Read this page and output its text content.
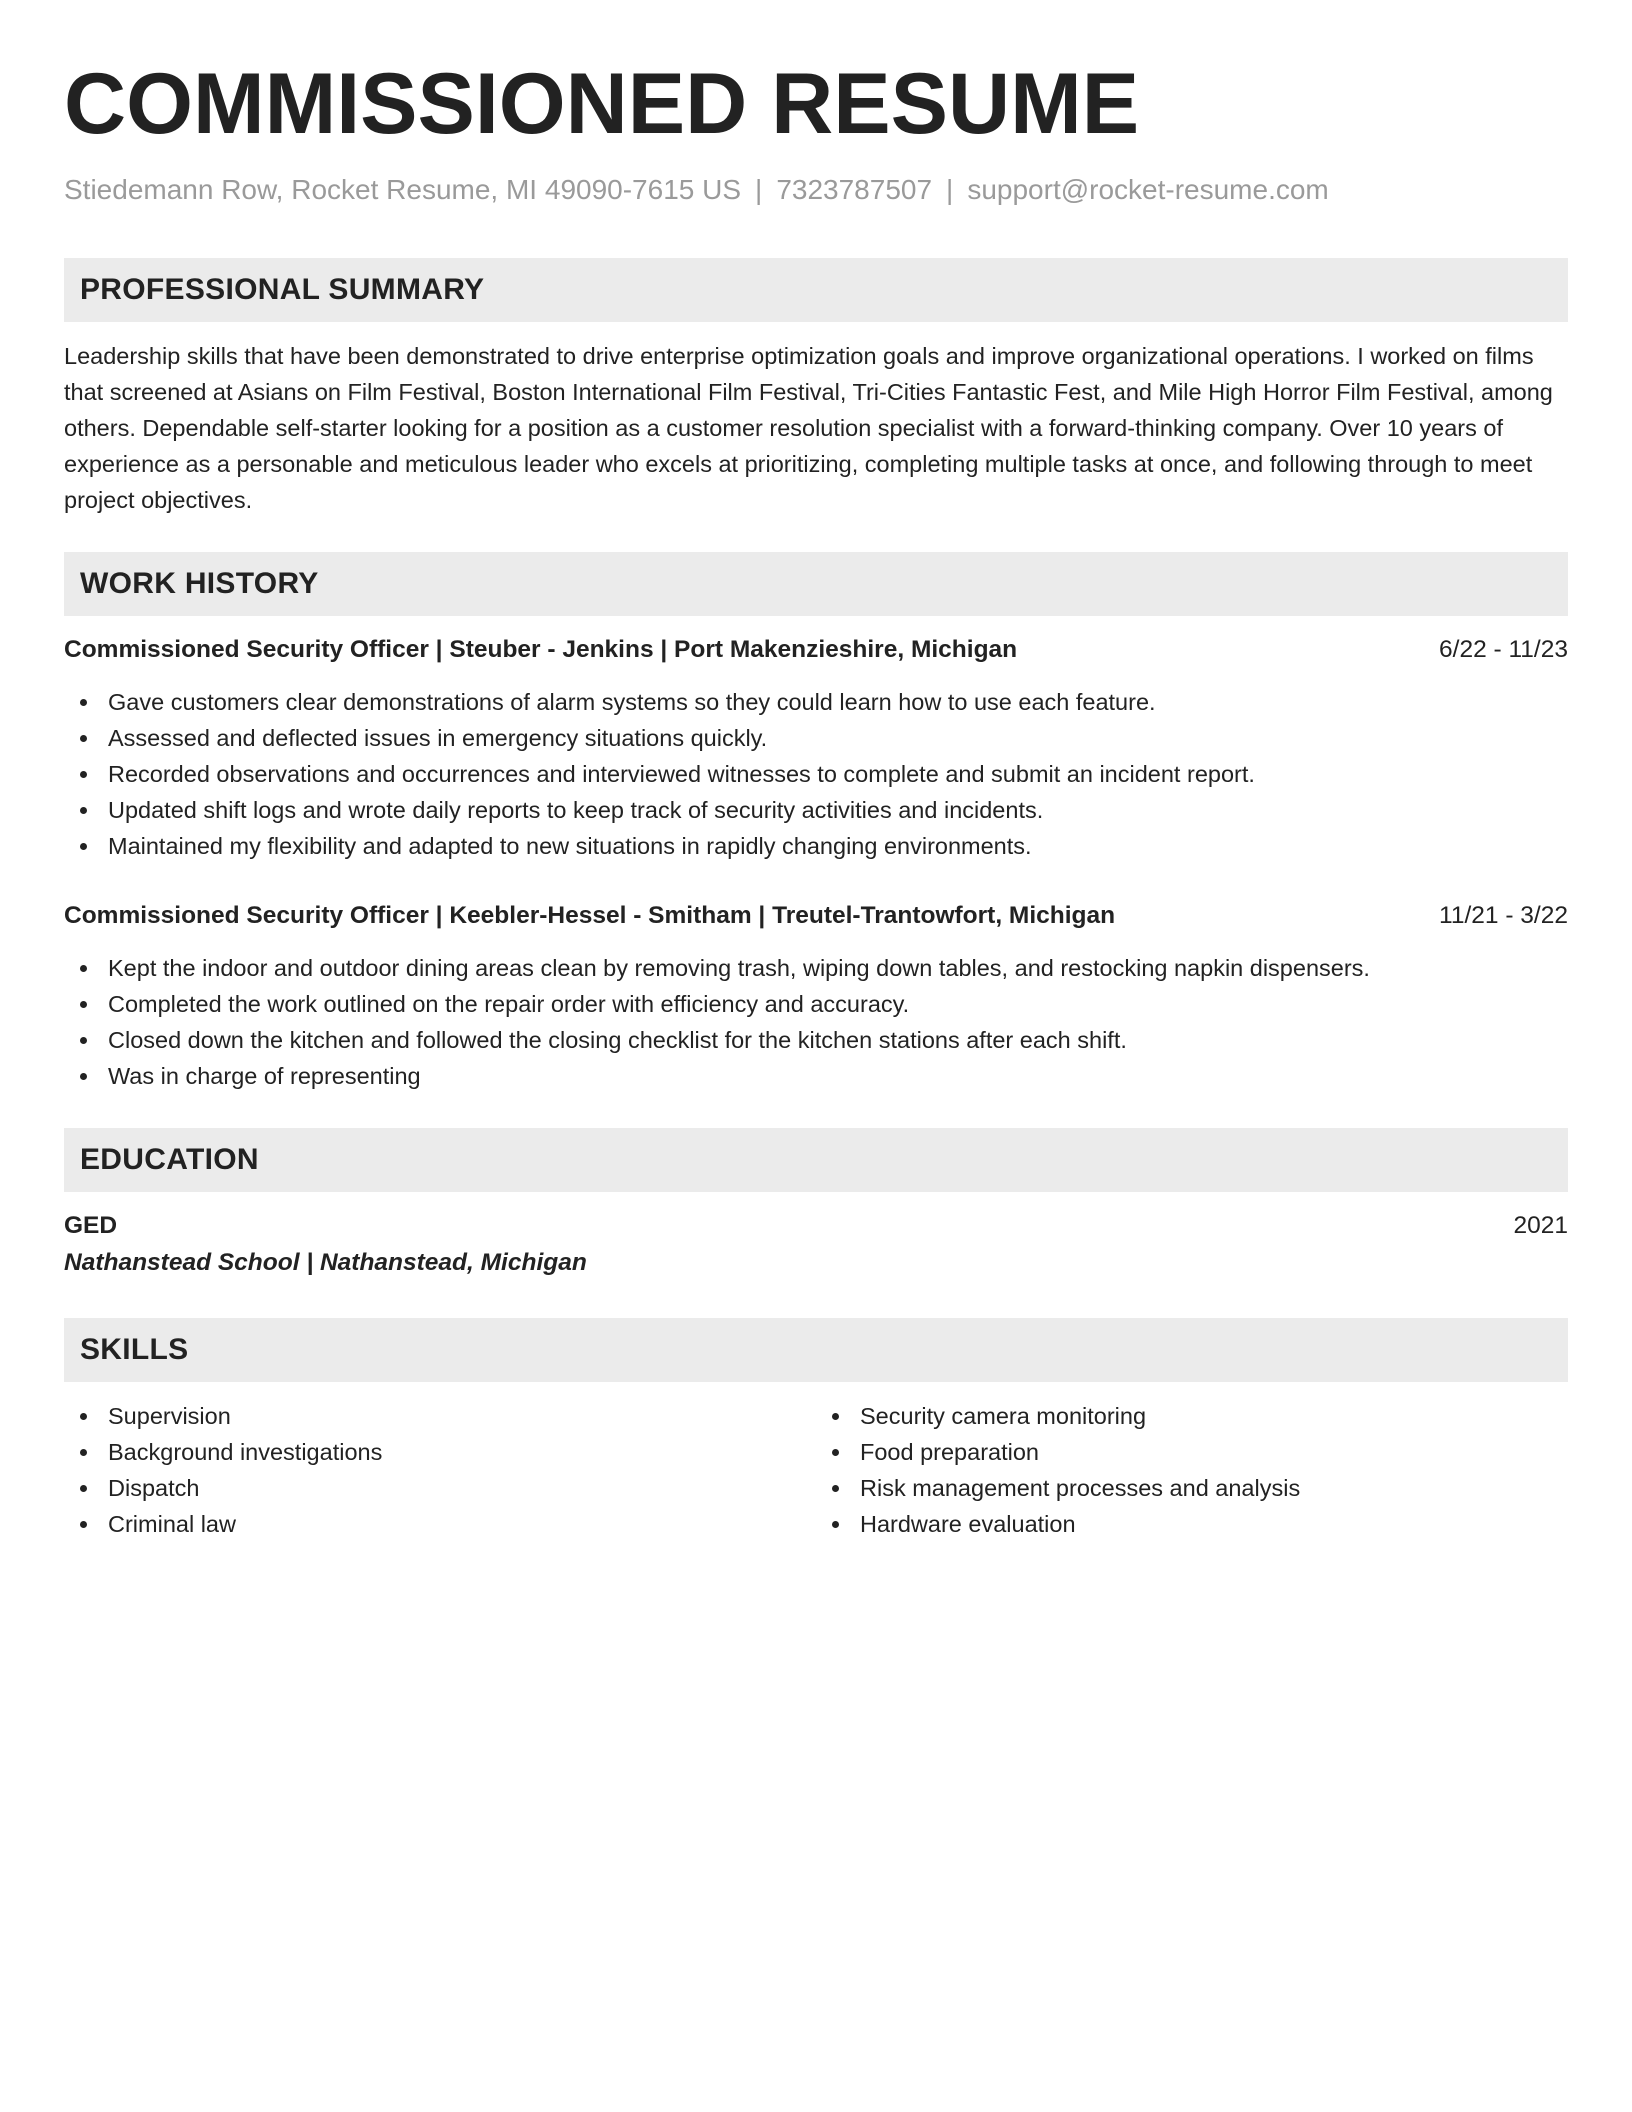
COMMISSIONED RESUME
Stiedemann Row, Rocket Resume, MI 49090-7615 US | 7323787507 | support@rocket-resume.com
PROFESSIONAL SUMMARY

Leadership skills that have been demonstrated to drive enterprise optimization goals and improve organizational operations. I worked on films that screened at Asians on Film Festival, Boston International Film Festival, Tri-Cities Fantastic Fest, and Mile High Horror Film Festival, among others. Dependable self-starter looking for a position as a customer resolution specialist with a forward-thinking company. Over 10 years of experience as a personable and meticulous leader who excels at prioritizing, completing multiple tasks at once, and following through to meet project objectives.

WORK HISTORY
Commissioned Security Officer | Steuber - Jenkins | Port Makenzieshire, Michigan	6/22 - 11/23
Gave customers clear demonstrations of alarm systems so they could learn how to use each feature.
Assessed and deflected issues in emergency situations quickly.
Recorded observations and occurrences and interviewed witnesses to complete and submit an incident report.
Updated shift logs and wrote daily reports to keep track of security activities and incidents.
Maintained my flexibility and adapted to new situations in rapidly changing environments.
Commissioned Security Officer | Keebler-Hessel - Smitham | Treutel-Trantowfort, Michigan	11/21 - 3/22
Kept the indoor and outdoor dining areas clean by removing trash, wiping down tables, and restocking napkin dispensers.
Completed the work outlined on the repair order with efficiency and accuracy.
Closed down the kitchen and followed the closing checklist for the kitchen stations after each shift.
Was in charge of representing
EDUCATION
GED	2021
Nathanstead School | Nathanstead, Michigan
SKILLS
Supervision
Background investigations
Dispatch
Criminal law
Security camera monitoring
Food preparation
Risk management processes and analysis
Hardware evaluation
